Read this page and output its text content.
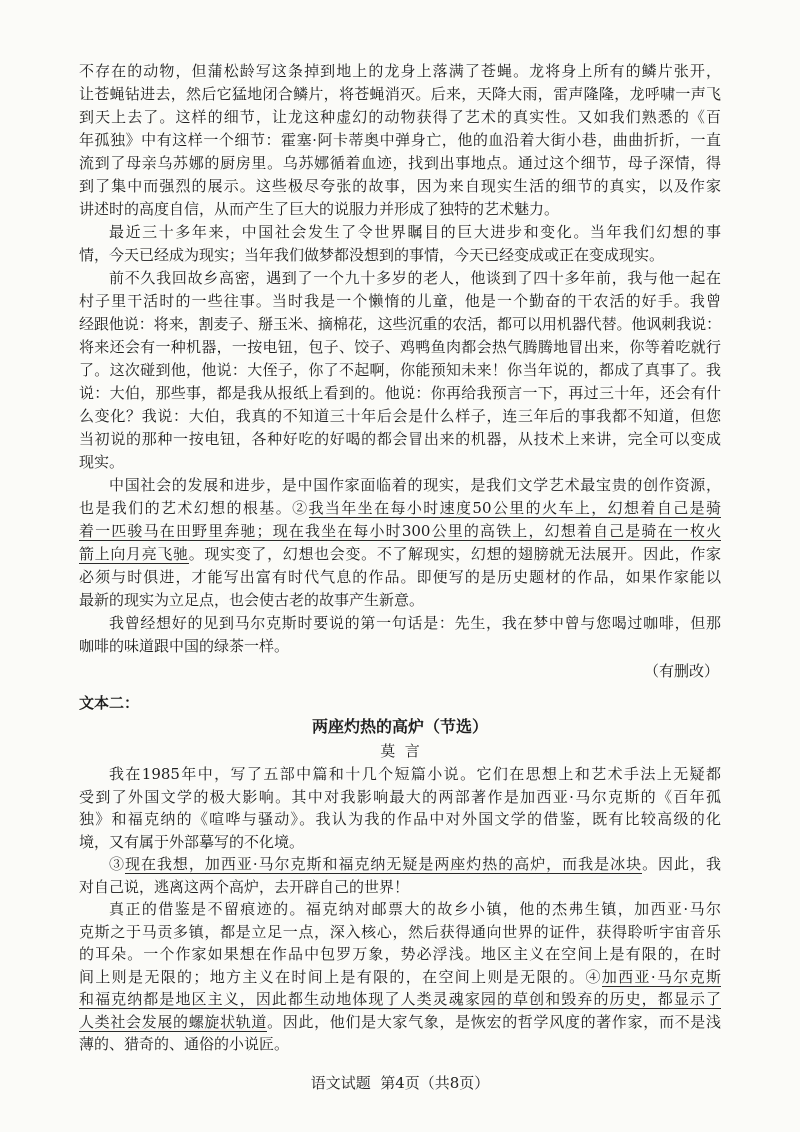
不存在的动物，但蒲松龄写这条掉到地上的龙身上落满了苍蝇。龙将身上所有的鳞片张开，
让苍蝇钻进去，然后它猛地闭合鳞片，将苍蝇消灭。后来，天降大雨，雷声隆隆，龙呼啸一声飞
到天上去了。这样的细节，让龙这种虚幻的动物获得了艺术的真实性。又如我们熟悉的《百
年孤独》中有这样一个细节：霍塞·阿卡蒂奥中弹身亡，他的血沿着大街小巷，曲曲折折，一直
流到了母亲乌苏娜的厨房里。乌苏娜循着血迹，找到出事地点。通过这个细节，母子深情，得
到了集中而强烈的展示。这些极尽夸张的故事，因为来自现实生活的细节的真实，以及作家
讲述时的高度自信，从而产生了巨大的说服力并形成了独特的艺术魅力。
最近三十多年来，中国社会发生了令世界瞩目的巨大进步和变化。当年我们幻想的事
情，今天已经成为现实；当年我们做梦都没想到的事情，今天已经变成或正在变成现实。
前不久我回故乡高密，遇到了一个九十多岁的老人，他谈到了四十多年前，我与他一起在
村子里干活时的一些往事。当时我是一个懒惰的儿童，他是一个勤奋的干农活的好手。我曾
经跟他说：将来，割麦子、掰玉米、摘棉花，这些沉重的农活，都可以用机器代替。他讽刺我说：
将来还会有一种机器，一按电钮，包子、饺子、鸡鸭鱼肉都会热气腾腾地冒出来，你等着吃就行
了。这次碰到他，他说：大侄子，你了不起啊，你能预知未来！你当年说的，都成了真事了。我
说：大伯，那些事，都是我从报纸上看到的。他说：你再给我预言一下，再过三十年，还会有什
么变化？我说：大伯，我真的不知道三十年后会是什么样子，连三年后的事我都不知道，但您
当初说的那种一按电钮，各种好吃的好喝的都会冒出来的机器，从技术上来讲，完全可以变成
现实。
中国社会的发展和进步，是中国作家面临着的现实，是我们文学艺术最宝贵的创作资源，
也是我们的艺术幻想的根基。②我当年坐在每小时速度50公里的火车上，幻想着自己是骑
着一匹骏马在田野里奔驰；现在我坐在每小时300公里的高铁上，幻想着自己是骑在一枚火
箭上向月亮飞驰。现实变了，幻想也会变。不了解现实，幻想的翅膀就无法展开。因此，作家
必须与时俱进，才能写出富有时代气息的作品。即便写的是历史题材的作品，如果作家能以
最新的现实为立足点，也会使古老的故事产生新意。
我曾经想好的见到马尔克斯时要说的第一句话是：先生，我在梦中曾与您喝过咖啡，但那
咖啡的味道跟中国的绿茶一样。
（有删改）
文本二：
两座灼热的高炉（节选）
莫  言
我在1985年中，写了五部中篇和十几个短篇小说。它们在思想上和艺术手法上无疑都
受到了外国文学的极大影响。其中对我影响最大的两部著作是加西亚·马尔克斯的《百年孤
独》和福克纳的《喧哗与骚动》。我认为我的作品中对外国文学的借鉴，既有比较高级的化
境，又有属于外部摹写的不化境。
③现在我想，加西亚·马尔克斯和福克纳无疑是两座灼热的高炉，而我是冰块。因此，我
对自己说，逃离这两个高炉，去开辟自己的世界！
真正的借鉴是不留痕迹的。福克纳对邮票大的故乡小镇，他的杰弗生镇，加西亚·马尔
克斯之于马贡多镇，都是立足一点，深入核心，然后获得通向世界的证件，获得聆听宇宙音乐
的耳朵。一个作家如果想在作品中包罗万象，势必浮浅。地区主义在空间上是有限的，在时
间上则是无限的；地方主义在时间上是有限的，在空间上则是无限的。④加西亚·马尔克斯
和福克纳都是地区主义，因此都生动地体现了人类灵魂家园的草创和毁弃的历史，都显示了
人类社会发展的螺旋状轨道。因此，他们是大家气象，是恢宏的哲学风度的著作家，而不是浅
薄的、猎奇的、通俗的小说匠。
语文试题  第4页（共8页）
